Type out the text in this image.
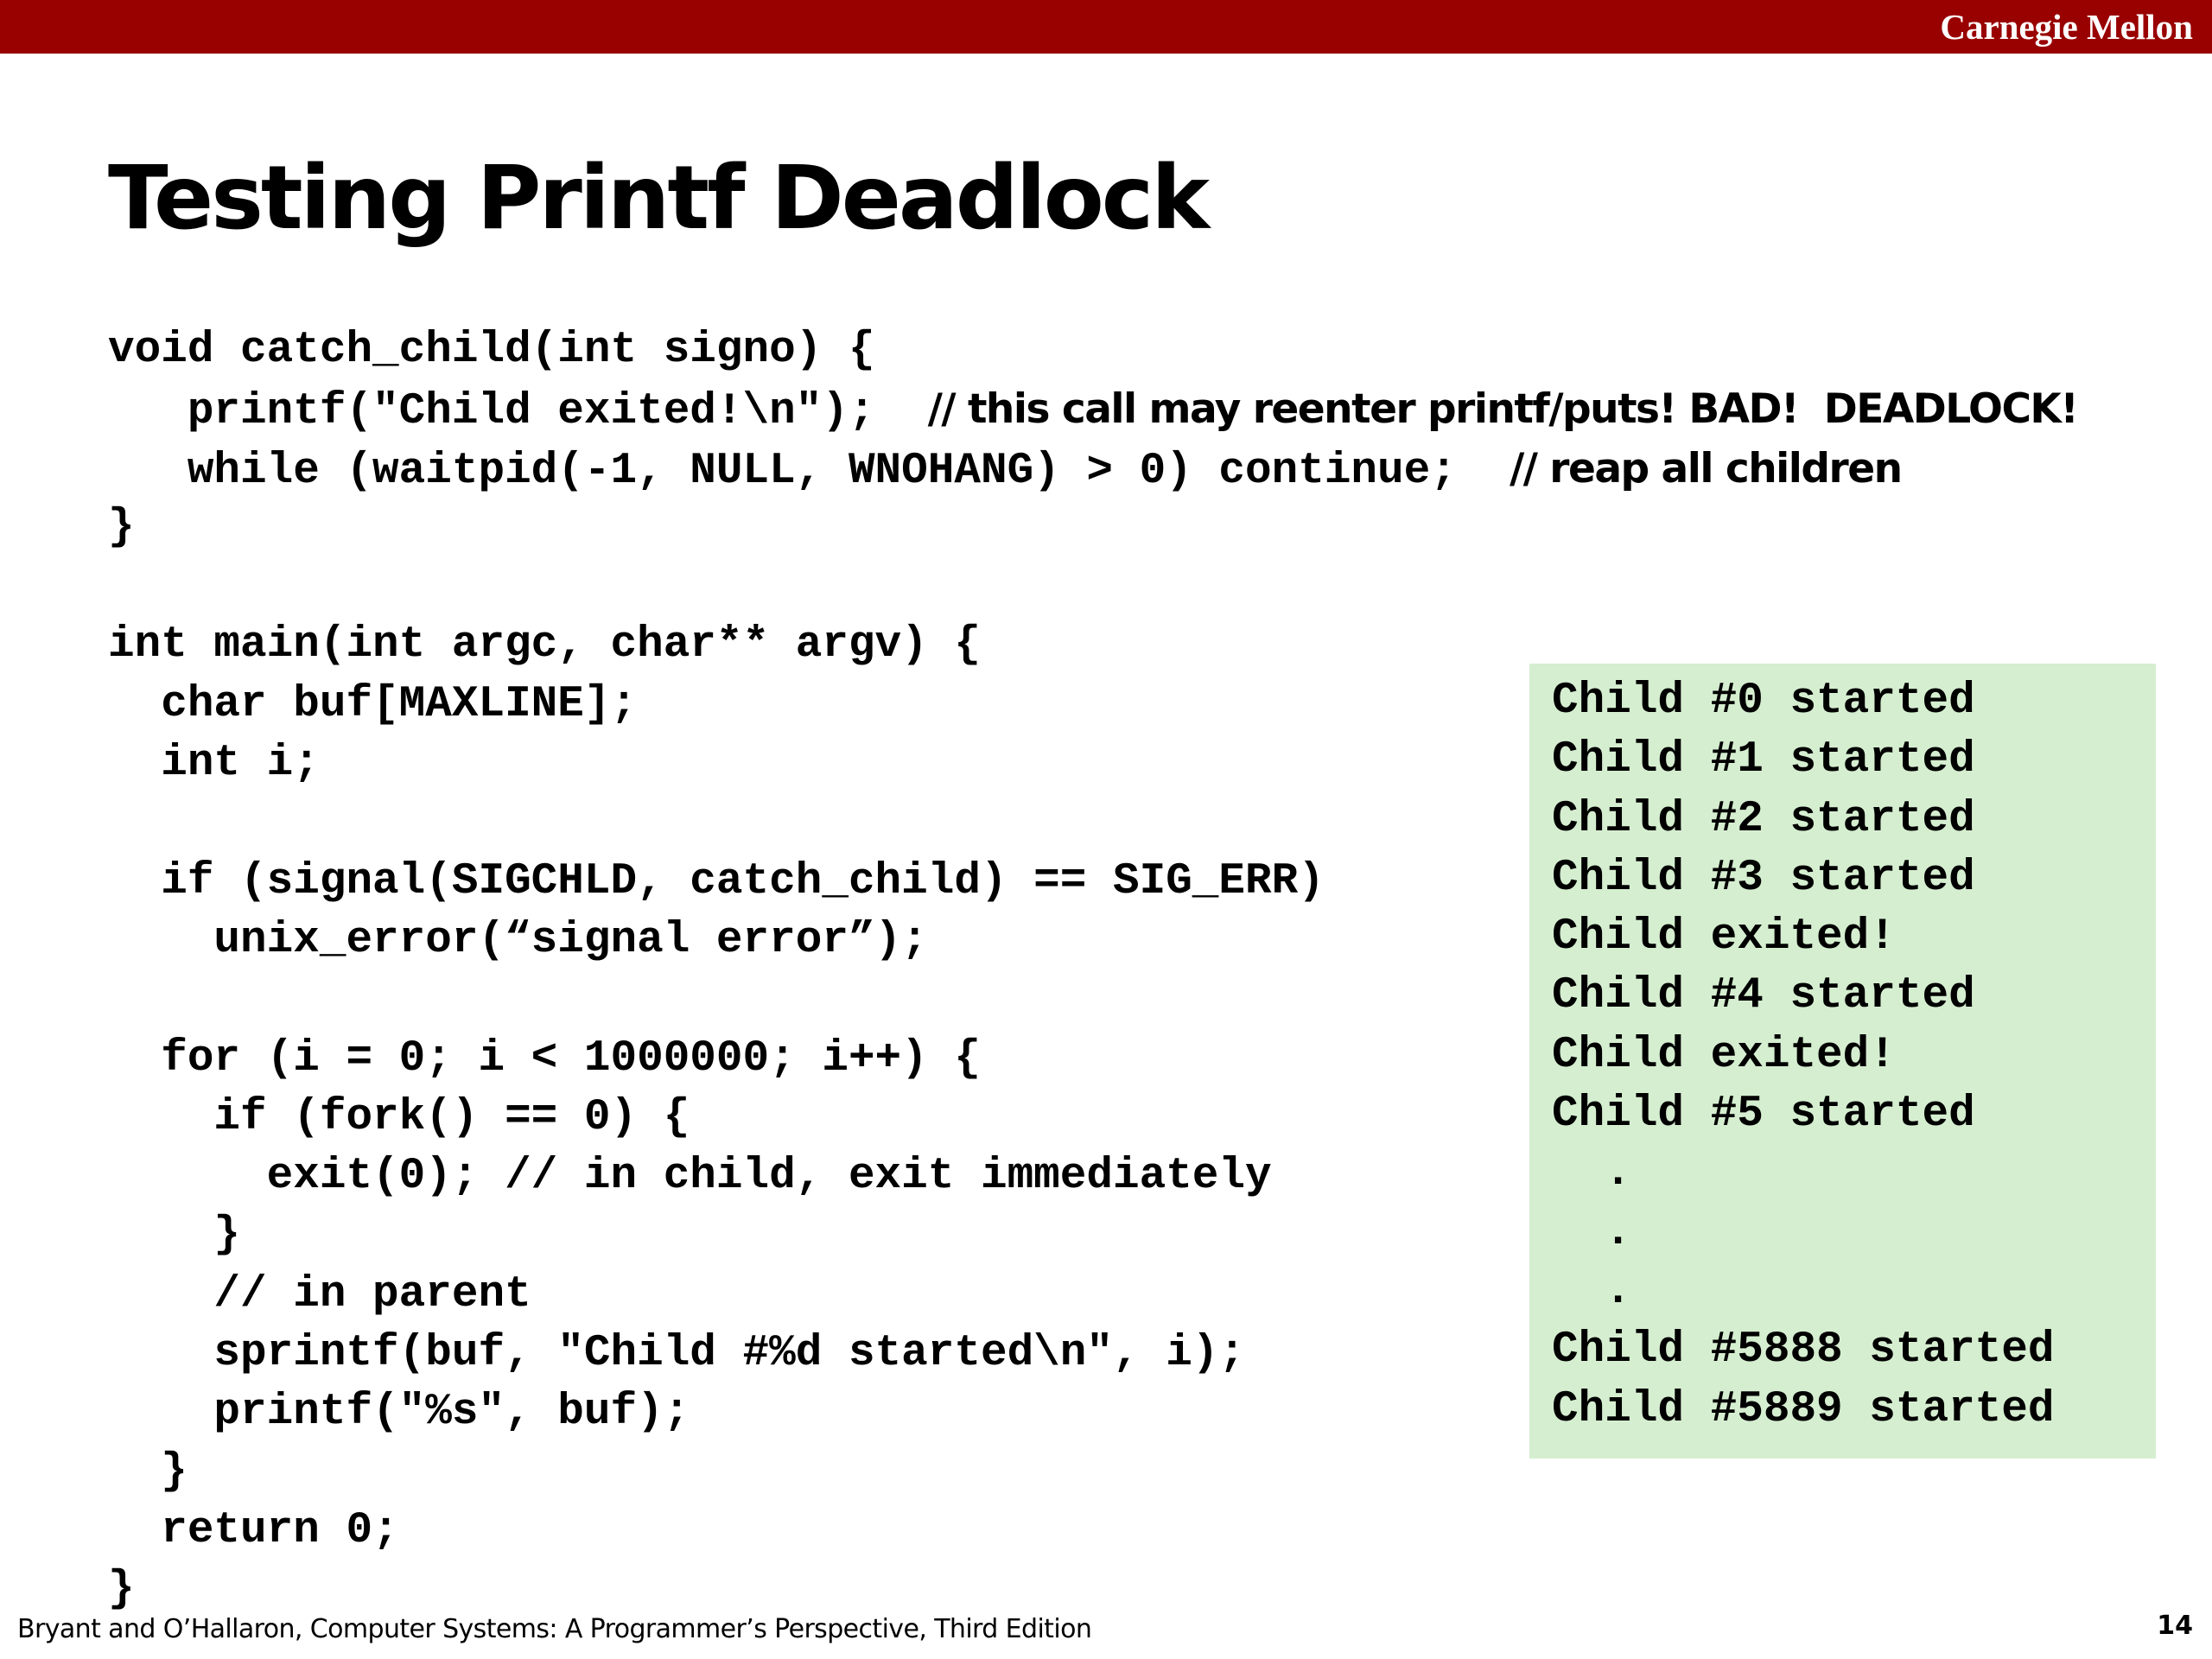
Carnegie Mellon
Testing Printf Deadlock
void catch_child(int signo) {
printf("Child exited!\n");  // this call may reenter printf/puts! BAD!  DEADLOCK!
while (waitpid(-1, NULL, WNOHANG) > 0) continue;  // reap all children
}
int main(int argc, char** argv) {
char buf[MAXLINE];
int i;
if (signal(SIGCHLD, catch_child) == SIG_ERR)
unix_error(“signal error”);
for (i = 0; i < 1000000; i++) {
if (fork() == 0) {
exit(0); // in child, exit immediately
}
// in parent
sprintf(buf, "Child #%d started\n", i);
printf("%s", buf);
}
return 0;
}
Child #0 started
Child #1 started
Child #2 started
Child #3 started
Child exited!
Child #4 started
Child exited!
Child #5 started
.
.
.
Child #5888 started
Child #5889 started
Bryant and O’Hallaron, Computer Systems: A Programmer’s Perspective, Third Edition	14
